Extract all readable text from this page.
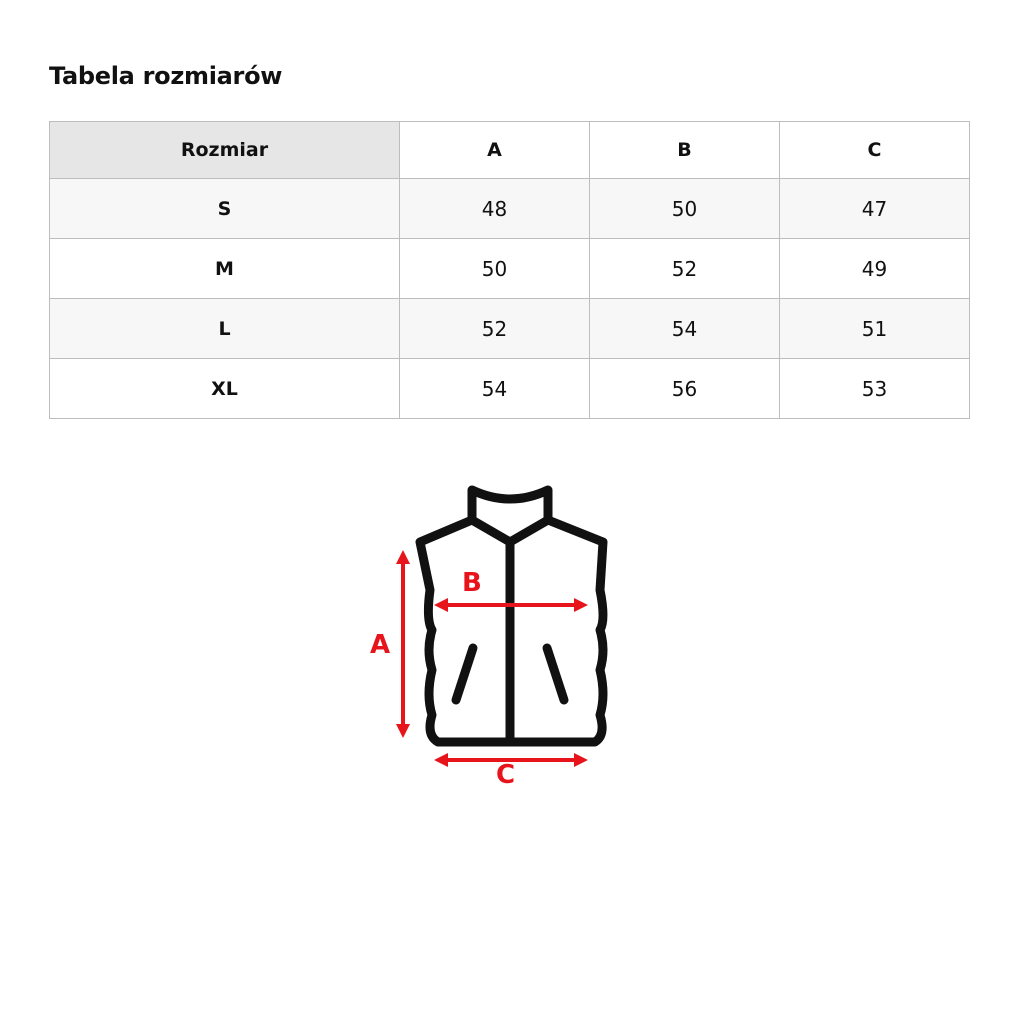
Tabela rozmiarów
Rozmiar	A	B	C
S	48	50	47
M	50	52	49
L	52	54	51
XL	54	56	53
A
B
C
